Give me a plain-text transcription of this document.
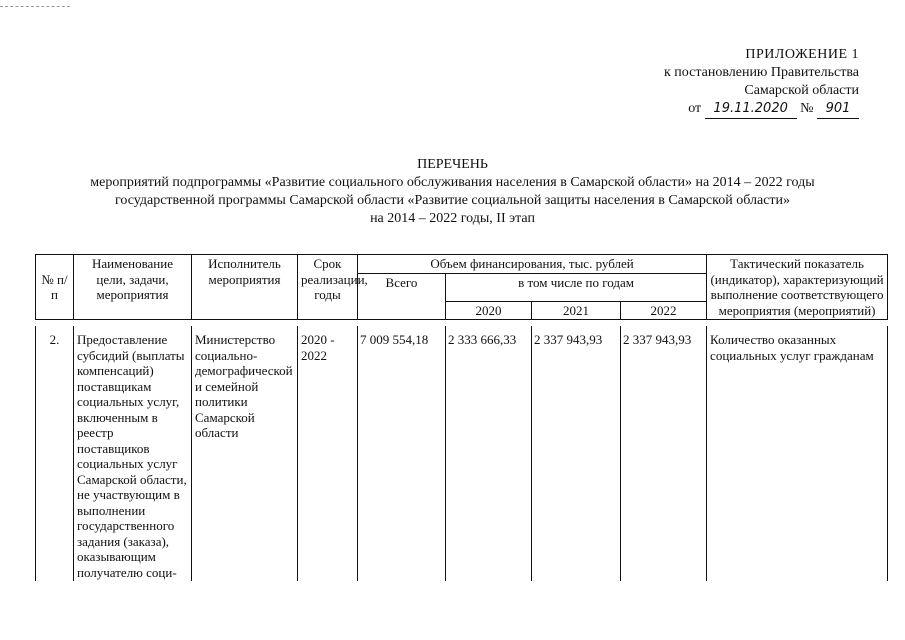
ПРИЛОЖЕНИЕ 1
к постановлению Правительства
Самарской области
от 19.11.2020 № 901
ПЕРЕЧЕНЬ
мероприятий подпрограммы «Развитие социального обслуживания населения в Самарской области» на 2014 – 2022 годы
государственной программы Самарской области «Развитие социальной защиты населения в Самарской области»
на 2014 – 2022 годы, II этап
№ п/п	Наименование цели, задачи, мероприятия	Исполнитель мероприятия	Срок реализации, годы	Объем финансирования, тыс. рублей				Тактический показатель (индикатор), характеризующий выполнение соответствующего мероприятия (мероприятий)
				Всего	в том числе по годам			
					2020	2021	2022	

2.	Предоставление субсидий (выплаты компенсаций) поставщикам социальных услуг, включенным в реестр поставщиков социальных услуг Самарской области, не участвующим в выполнении государственного задания (заказа), оказывающим получателю соци-	Министерство социально-демографической и семейной политики Самарской области	2020 - 2022	7 009 554,18	2 333 666,33	2 337 943,93	2 337 943,93	Количество оказанных социальных услуг гражданам
